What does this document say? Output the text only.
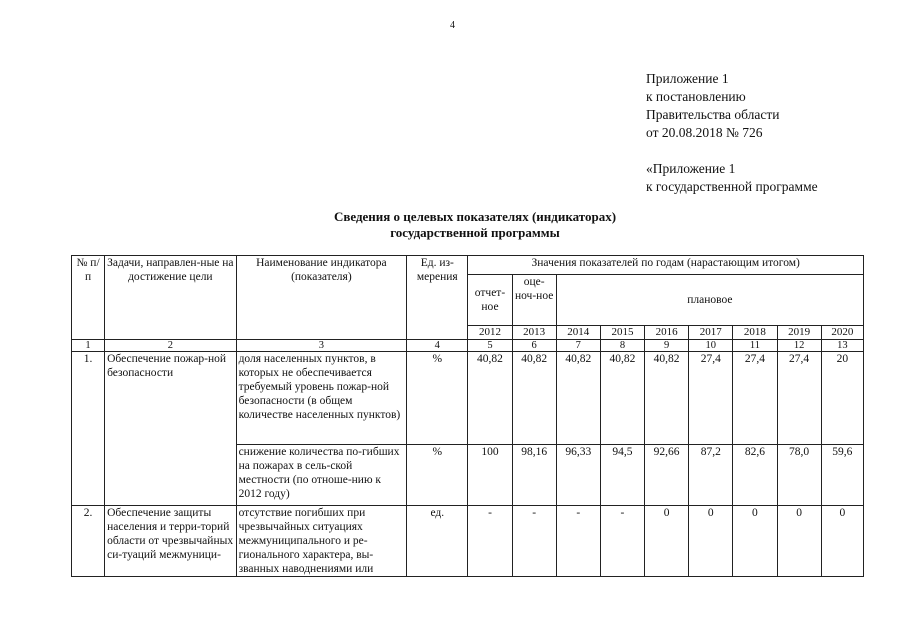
4
Приложение 1
к постановлению
Правительства области
от 20.08.2018 № 726
«Приложение 1
к государственной программе
Сведения о целевых показателях (индикаторах)
государственной программы
№ п/п	Задачи, направлен-ные на достижение цели	Наименование индикатора (показателя)	Ед. из-мерения	Значения показателей по годам (нарастающим итогом)								
				отчет-ное	оце-ноч-ное	плановое						
				2012	2013	2014	2015	2016	2017	2018	2019	2020
1	2	3	4	5	6	7	8	9	10	11	12	13
1.	Обеспечение пожар-ной безопасности	доля населенных пунктов, в которых не обеспечивается требуемый уровень пожар-ной безопасности (в общем количестве населенных пунктов)	%	40,82	40,82	40,82	40,82	40,82	27,4	27,4	27,4	20
		снижение количества по-гибших на пожарах в сель-ской местности (по отноше-нию к 2012 году)	%	100	98,16	96,33	94,5	92,66	87,2	82,6	78,0	59,6
2.	Обеспечение защиты населения и терри-торий области от чрезвычайных си-туаций межмуници-	отсутствие погибших при чрезвычайных ситуациях межмуниципального и ре-гионального характера, вы-званных наводнениями или	ед.	-	-	-	-	0	0	0	0	0
